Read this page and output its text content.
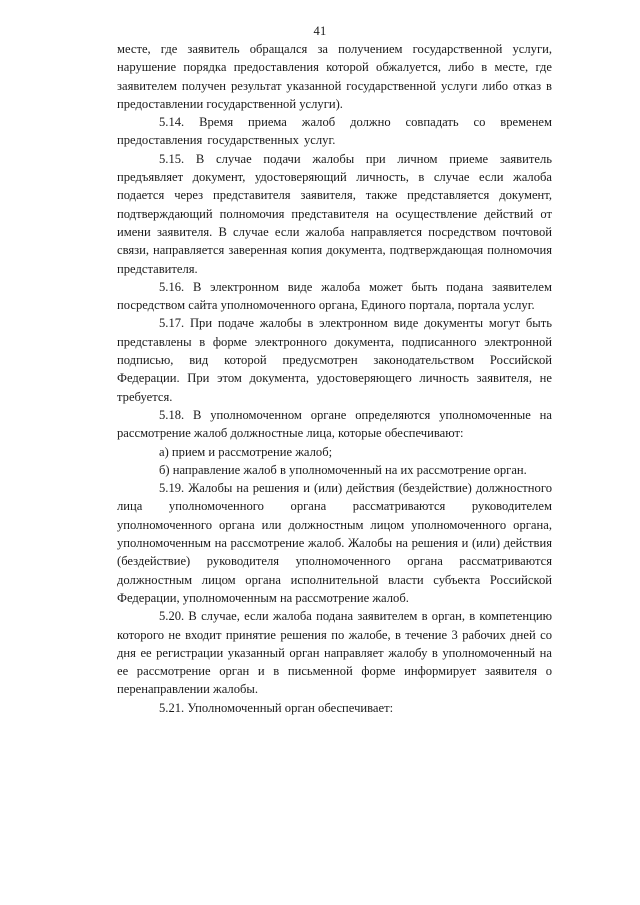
41

месте, где заявитель обращался за получением государственной услуги, нарушение порядка предоставления которой обжалуется, либо в месте, где заявителем получен результат указанной государственной услуги либо отказ в предоставлении государственной услуги).

5.14. Время приема жалоб должно совпадать со временем предоставления государственных услуг.

5.15. В случае подачи жалобы при личном приеме заявитель предъявляет документ, удостоверяющий личность, в случае если жалоба подается через представителя заявителя, также представляется документ, подтверждающий полномочия представителя на осуществление действий от имени заявителя. В случае если жалоба направляется посредством почтовой связи, направляется заверенная копия документа, подтверждающая полномочия представителя.

5.16. В электронном виде жалоба может быть подана заявителем посредством сайта уполномоченного органа, Единого портала, портала услуг.

5.17. При подаче жалобы в электронном виде документы могут быть представлены в форме электронного документа, подписанного электронной подписью, вид которой предусмотрен законодательством Российской Федерации. При этом документа, удостоверяющего личность заявителя, не требуется.

5.18. В уполномоченном органе определяются уполномоченные на рассмотрение жалоб должностные лица, которые обеспечивают:

а) прием и рассмотрение жалоб;

б) направление жалоб в уполномоченный на их рассмотрение орган.

5.19. Жалобы на решения и (или) действия (бездействие) должностного лица уполномоченного органа рассматриваются руководителем уполномоченного органа или должностным лицом уполномоченного органа, уполномоченным на рассмотрение жалоб. Жалобы на решения и (или) действия (бездействие) руководителя уполномоченного органа рассматриваются должностным лицом органа исполнительной власти субъекта Российской Федерации, уполномоченным на рассмотрение жалоб.

5.20. В случае, если жалоба подана заявителем в орган, в компетенцию которого не входит принятие решения по жалобе, в течение 3 рабочих дней со дня ее регистрации указанный орган направляет жалобу в уполномоченный на ее рассмотрение орган и в письменной форме информирует заявителя о перенаправлении жалобы.

5.21. Уполномоченный орган обеспечивает:
